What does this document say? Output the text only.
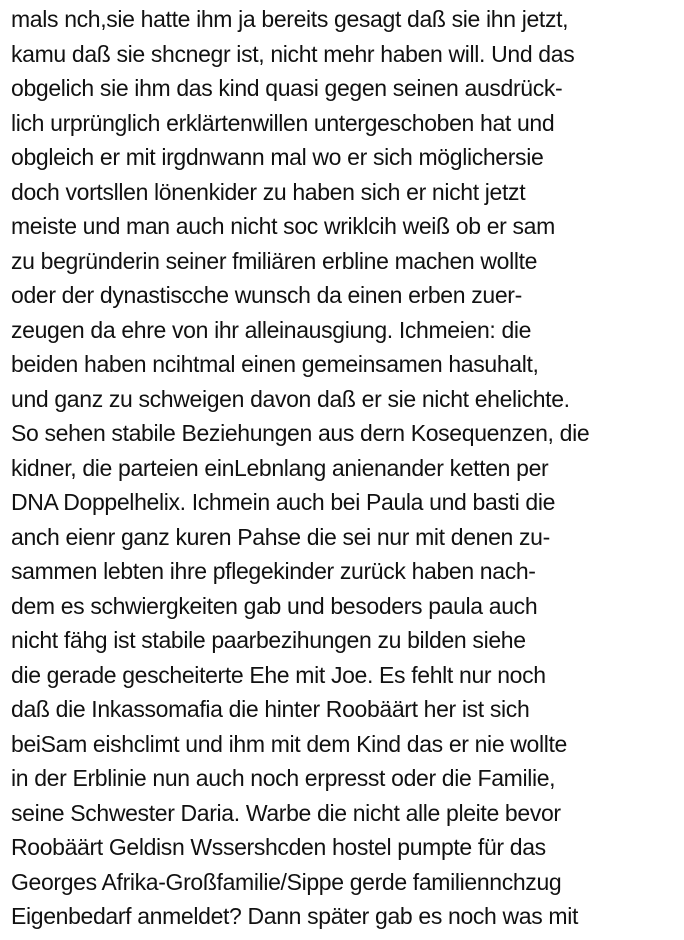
mals nch,sie hatte ihm ja bereits gesagt daß sie ihn jetzt,
kamu daß sie shcnegr ist, nicht mehr haben will. Und das
obgelich sie ihm das kind quasi gegen seinen ausdrück-
lich urprünglich erklärtenwillen untergeschoben hat und
obgleich er mit irgdnwann mal wo er sich möglichersie
doch vortsllen lönenkider zu haben sich er nicht jetzt
meiste und man auch nicht soc wriklcih weiß ob er sam
zu begründerin seiner fmiliären erbline machen wollte
oder der dynastiscche wunsch da einen erben zuer-
zeugen da ehre von ihr alleinausgiung. Ichmeien: die
beiden haben ncihtmal einen gemeinsamen hasuhalt,
und ganz zu schweigen davon daß er sie nicht ehelichte.
So sehen stabile Beziehungen aus dern Kosequenzen, die
kidner, die parteien einLebnlang anienander ketten per
DNA Doppelhelix. Ichmein auch bei Paula und basti die
anch eienr ganz kuren Pahse die sei nur mit denen zu-
sammen lebten ihre pflegekinder zurück haben nach-
dem es schwiergkeiten gab und besoders paula auch
nicht fähg ist stabile paarbezihungen zu bilden siehe
die gerade gescheiterte Ehe mit Joe. Es fehlt nur noch
daß die Inkassomafia die hinter Roobäärt her ist sich
beiSam eishclimt und ihm mit dem Kind das er nie wollte
in der Erblinie nun auch noch erpresst oder die Familie,
seine Schwester Daria. Warbe die nicht alle pleite bevor
Roobäärt Geldisn Wssershcden hostel pumpte für das
Georges Afrika-Großfamilie/Sippe gerde familiennchzug
Eigenbedarf anmeldet? Dann später gab es noch was mit
